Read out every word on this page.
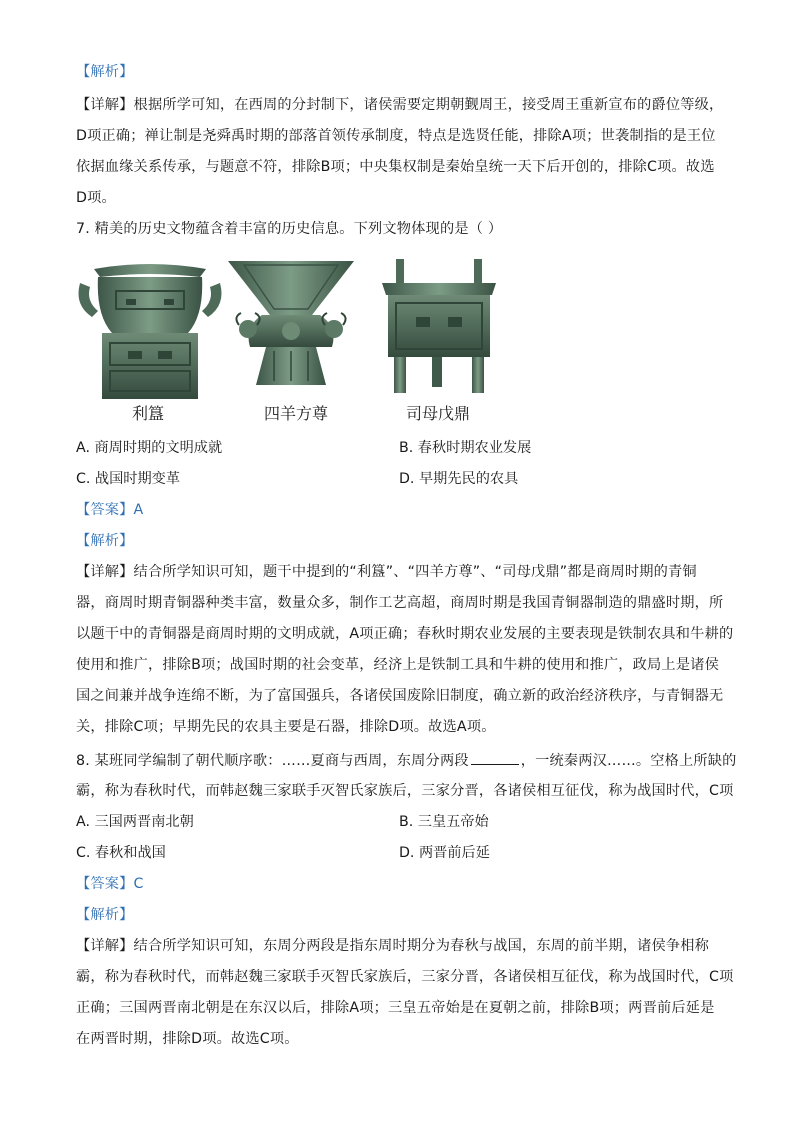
【解析】
【详解】根据所学可知，在西周的分封制下，诸侯需要定期朝觐周王，接受周王重新宣布的爵位等级，
D项正确；禅让制是尧舜禹时期的部落首领传承制度，特点是选贤任能，排除A项；世袭制指的是王位
依据血缘关系传承，与题意不符，排除B项；中央集权制是秦始皇统一天下后开创的，排除C项。故选
D项。
7. 精美的历史文物蕴含着丰富的历史信息。下列文物体现的是（ ）
利簋	四羊方尊	司母戊鼎
A. 商周时期的文明成就	B. 春秋时期农业发展
C. 战国时期变革	D. 早期先民的农具
【答案】A
【解析】
【详解】结合所学知识可知，题干中提到的“利簋”、“四羊方尊”、“司母戊鼎”都是商周时期的青铜
器，商周时期青铜器种类丰富，数量众多，制作工艺高超，商周时期是我国青铜器制造的鼎盛时期，所
以题干中的青铜器是商周时期的文明成就，A项正确；春秋时期农业发展的主要表现是铁制农具和牛耕的
使用和推广，排除B项；战国时期的社会变革，经济上是铁制工具和牛耕的使用和推广，政局上是诸侯
国之间兼并战争连绵不断，为了富国强兵，各诸侯国废除旧制度，确立新的政治经济秩序，与青铜器无
关，排除C项；早期先民的农具主要是石器，排除D项。故选A项。
8. 某班同学编制了朝代顺序歌：……夏商与西周，东周分两段	，一统秦两汉……。空格上所缺的
霸，称为春秋时代，而韩赵魏三家联手灭智氏家族后，三家分晋，各诸侯相互征伐，称为战国时代，C项
A. 三国两晋南北朝	B. 三皇五帝始
C. 春秋和战国	D. 两晋前后延
【答案】C
【解析】
【详解】结合所学知识可知，东周分两段是指东周时期分为春秋与战国，东周的前半期，诸侯争相称
霸，称为春秋时代，而韩赵魏三家联手灭智氏家族后，三家分晋，各诸侯相互征伐，称为战国时代，C项
正确；三国两晋南北朝是在东汉以后，排除A项；三皇五帝始是在夏朝之前，排除B项；两晋前后延是
在两晋时期，排除D项。故选C项。
